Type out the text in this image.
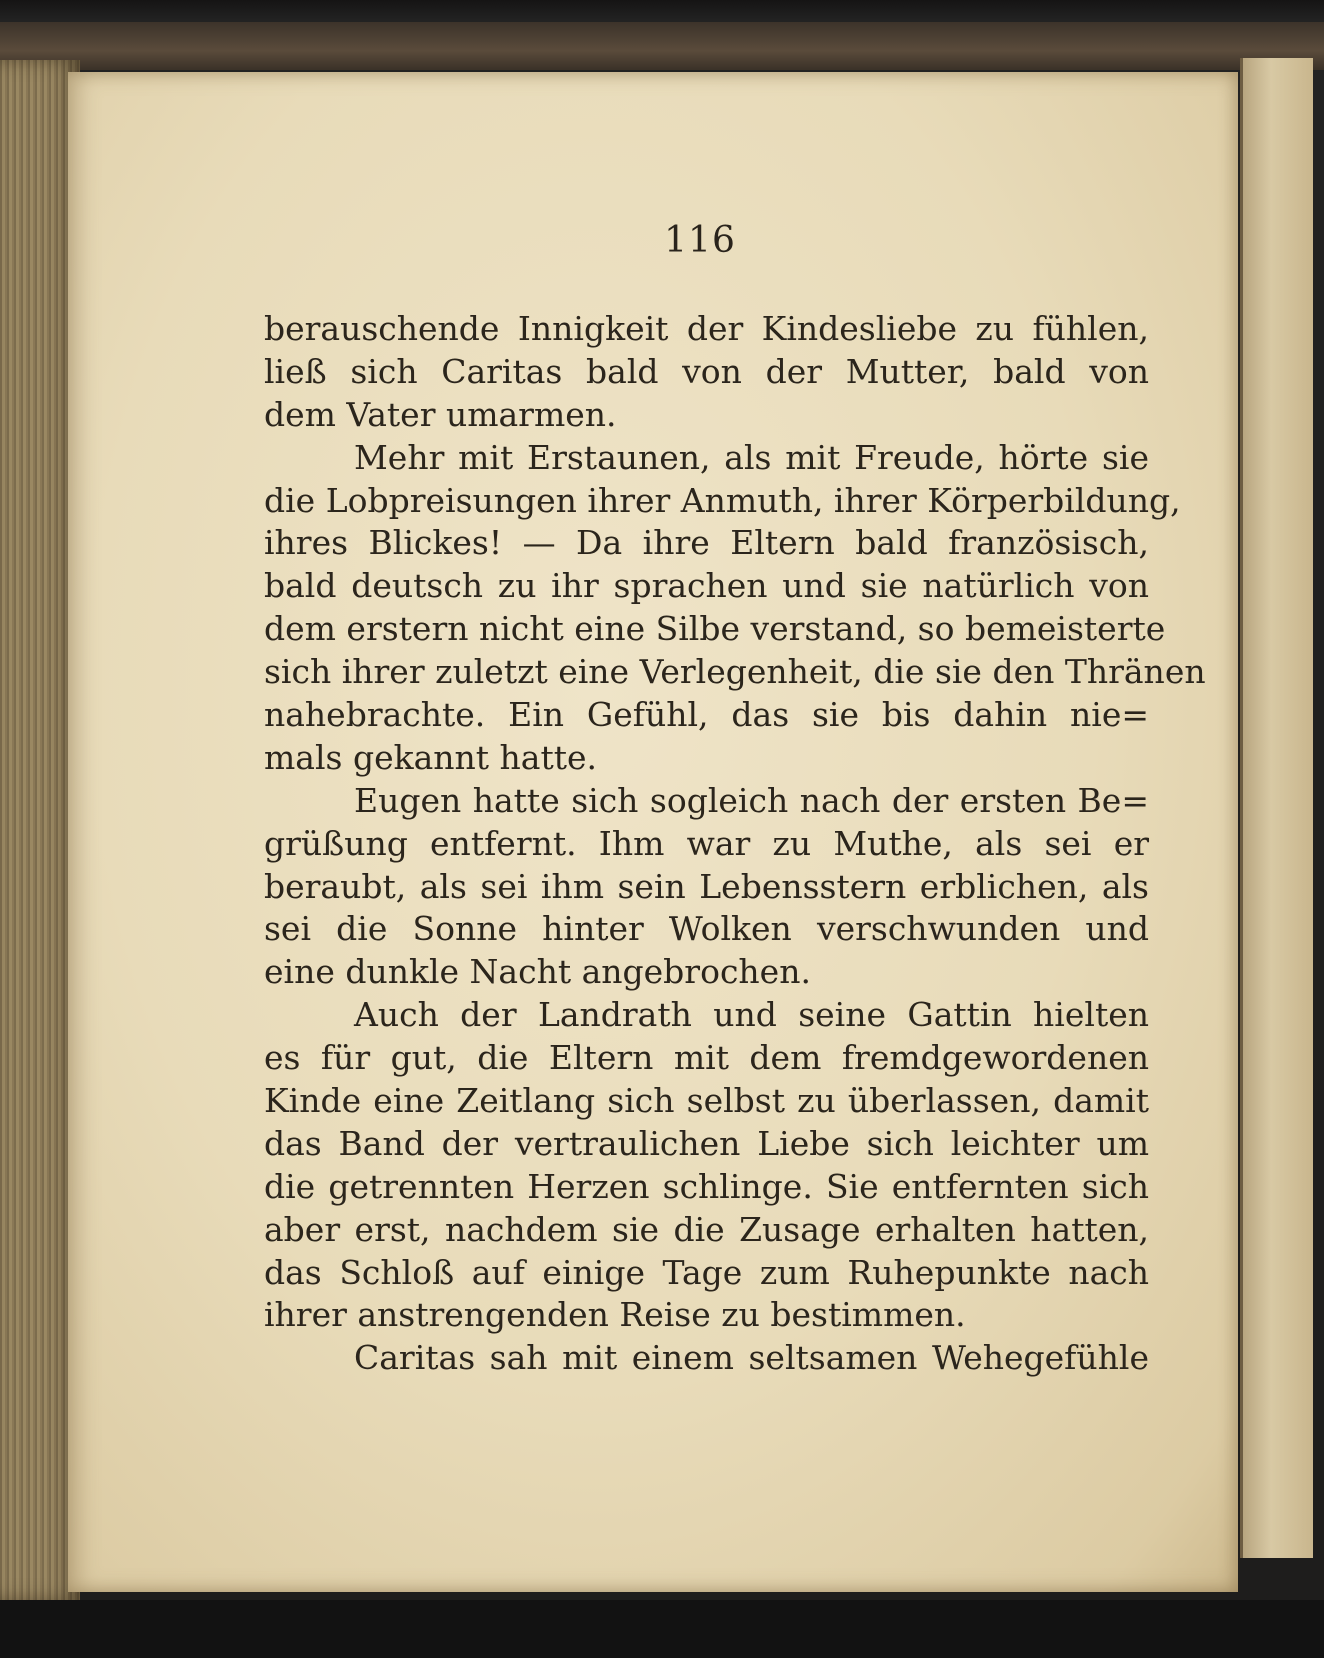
116
berauschende Innigkeit der Kindesliebe zu fühlen,
ließ sich Caritas bald von der Mutter, bald von
dem Vater umarmen.
Mehr mit Erstaunen, als mit Freude, hörte sie
die Lobpreisungen ihrer Anmuth, ihrer Körperbildung,
ihres Blickes! — Da ihre Eltern bald französisch,
bald deutsch zu ihr sprachen und sie natürlich von
dem erstern nicht eine Silbe verstand, so bemeisterte
sich ihrer zuletzt eine Verlegenheit, die sie den Thränen
nahebrachte. Ein Gefühl, das sie bis dahin nie=
mals gekannt hatte.
Eugen hatte sich sogleich nach der ersten Be=
grüßung entfernt. Ihm war zu Muthe, als sei er
beraubt, als sei ihm sein Lebensstern erblichen, als
sei die Sonne hinter Wolken verschwunden und
eine dunkle Nacht angebrochen.
Auch der Landrath und seine Gattin hielten
es für gut, die Eltern mit dem fremdgewordenen
Kinde eine Zeitlang sich selbst zu überlassen, damit
das Band der vertraulichen Liebe sich leichter um
die getrennten Herzen schlinge. Sie entfernten sich
aber erst, nachdem sie die Zusage erhalten hatten,
das Schloß auf einige Tage zum Ruhepunkte nach
ihrer anstrengenden Reise zu bestimmen.
Caritas sah mit einem seltsamen Wehegefühle
